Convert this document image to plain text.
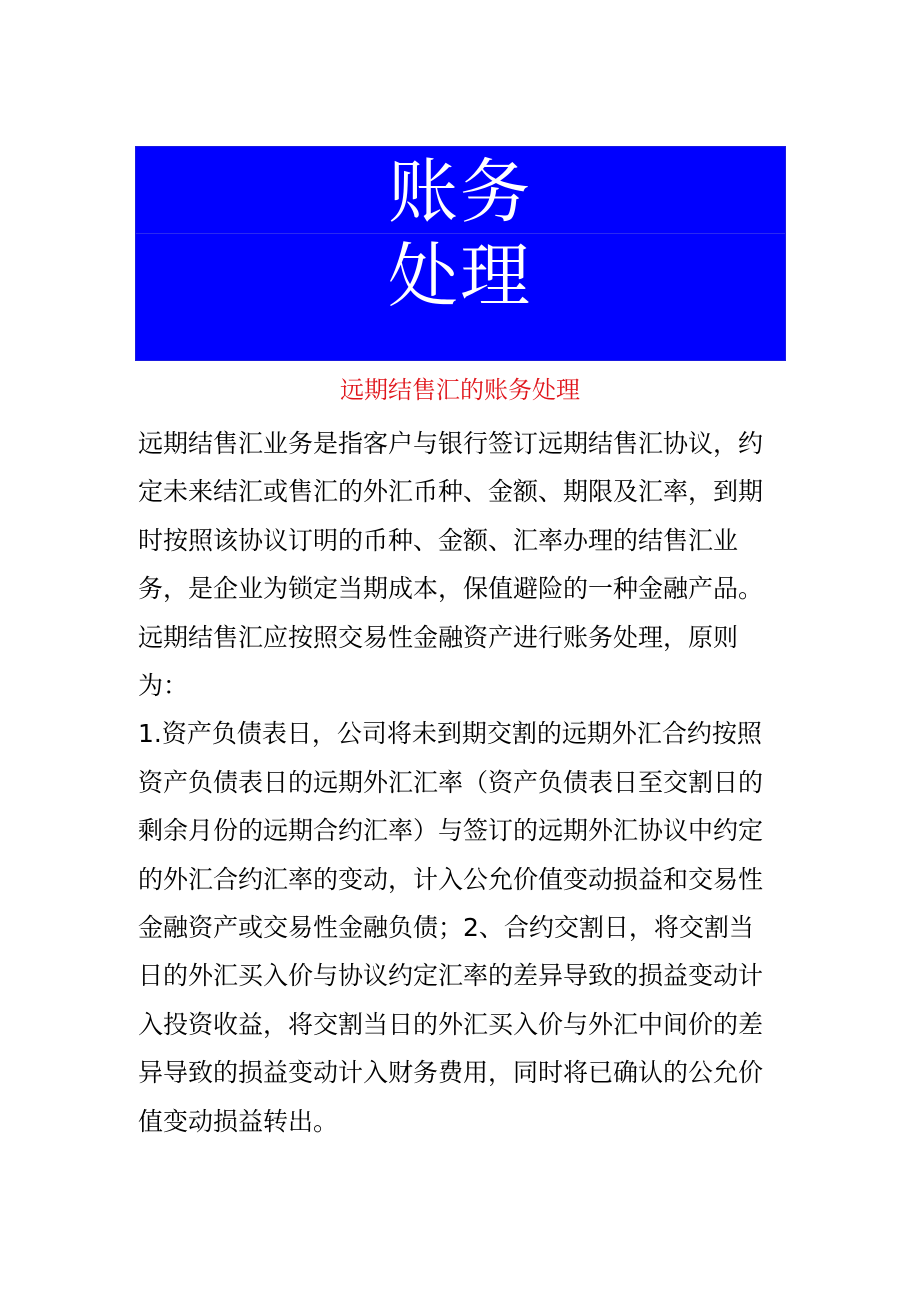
账务
处理
远期结售汇的账务处理

远期结售汇业务是指客户与银行签订远期结售汇协议，约定未来结汇或售汇的外汇币种、金额、期限及汇率，到期时按照该协议订明的币种、金额、汇率办理的结售汇业务，是企业为锁定当期成本，保值避险的一种金融产品。

远期结售汇应按照交易性金融资产进行账务处理，原则为：

1.资产负债表日，公司将未到期交割的远期外汇合约按照资产负债表日的远期外汇汇率（资产负债表日至交割日的剩余月份的远期合约汇率）与签订的远期外汇协议中约定的外汇合约汇率的变动，计入公允价值变动损益和交易性金融资产或交易性金融负债；2、合约交割日，将交割当日的外汇买入价与协议约定汇率的差异导致的损益变动计入投资收益，将交割当日的外汇买入价与外汇中间价的差异导致的损益变动计入财务费用，同时将已确认的公允价值变动损益转出。
